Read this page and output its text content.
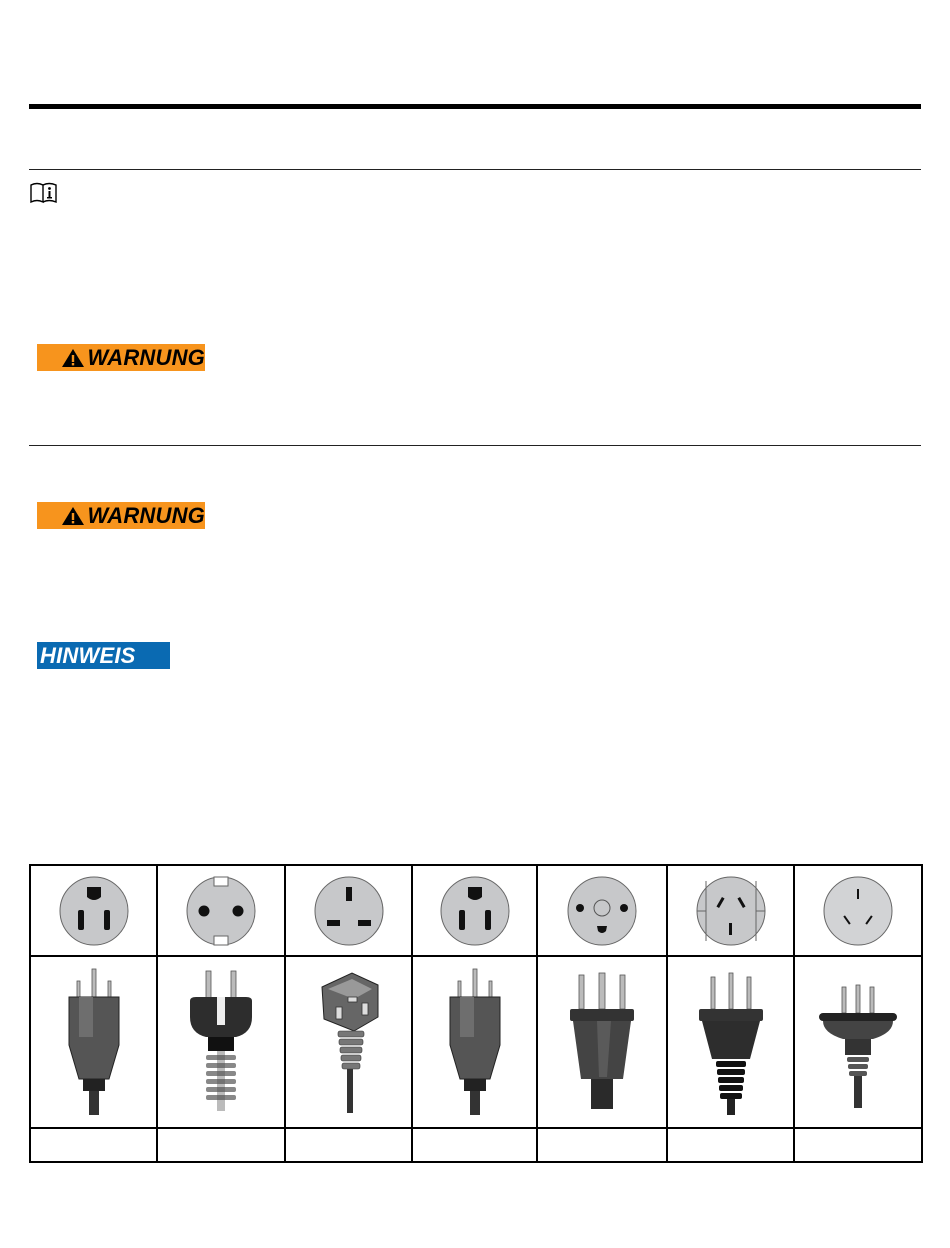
WARNUNG
WARNUNG
HINWEIS
